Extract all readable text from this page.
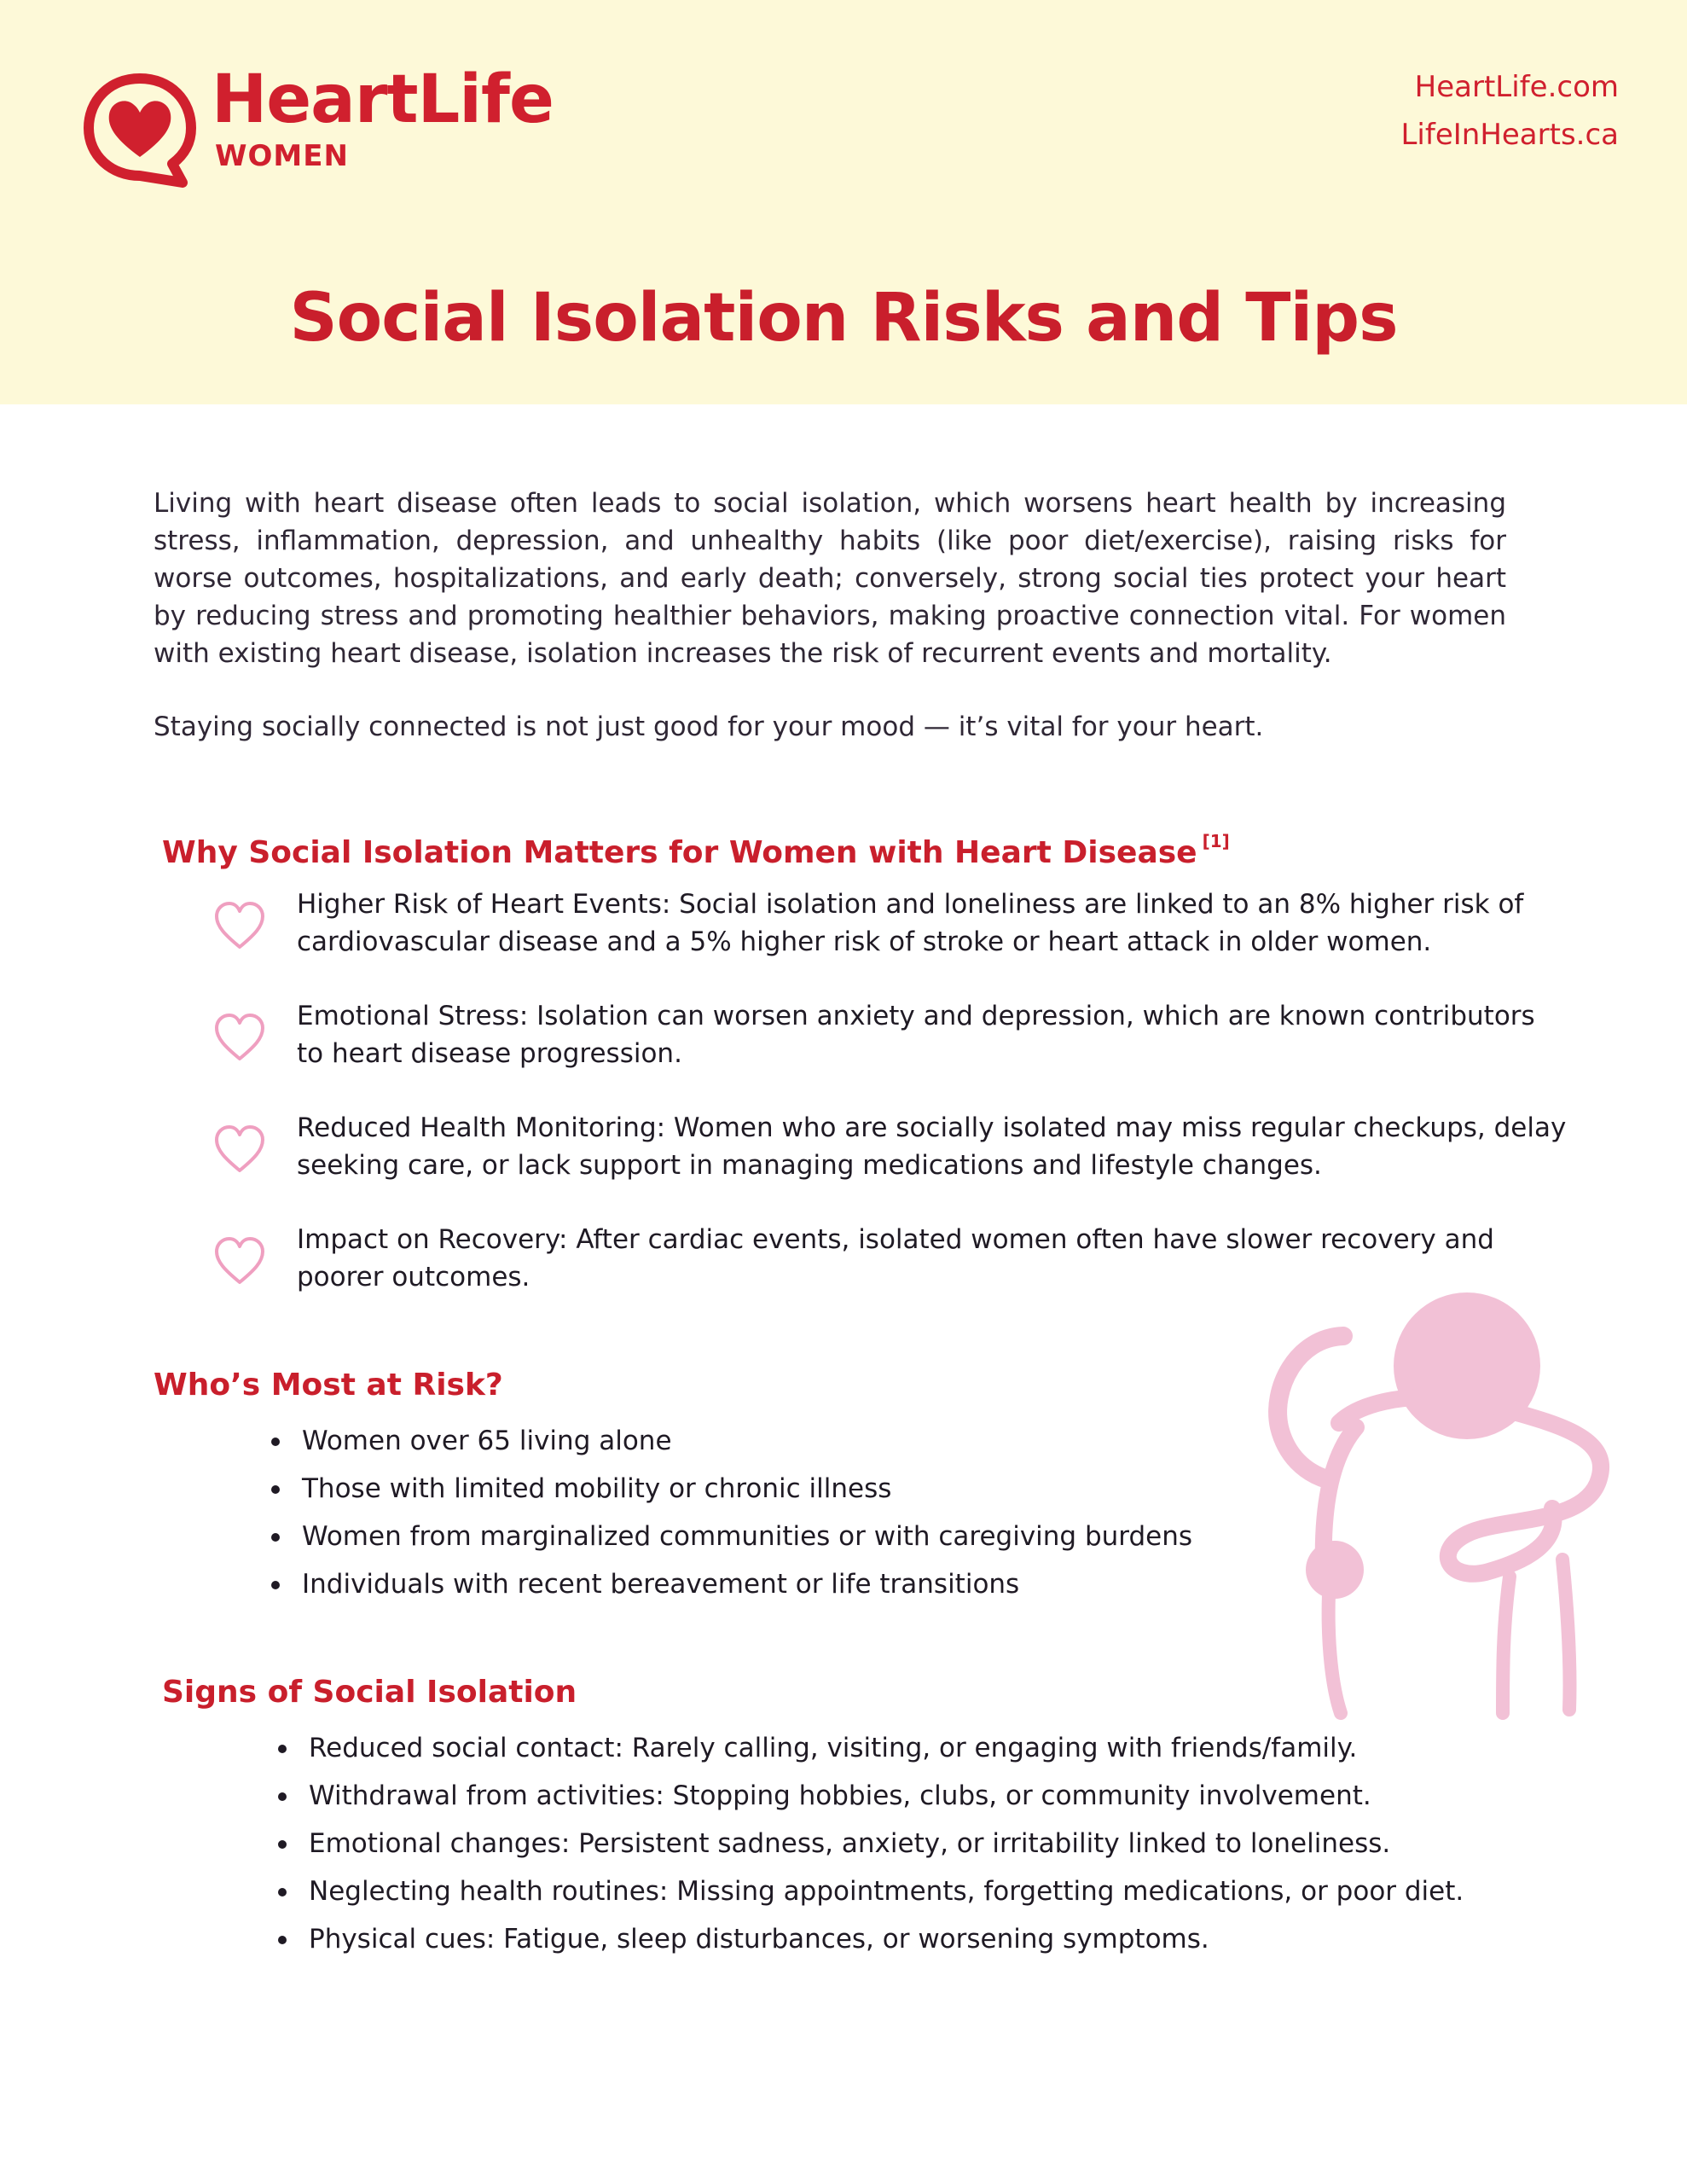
HeartLife
WOMEN
HeartLife.com
LifeInHearts.ca
Social Isolation Risks and Tips

Living with heart disease often leads to social isolation, which worsens heart health by increasing stress, inflammation, depression, and unhealthy habits (like poor diet/exercise), raising risks for worse outcomes, hospitalizations, and early death; conversely, strong social ties protect your heart by reducing stress and promoting healthier behaviors, making proactive connection vital. For women with existing heart disease, isolation increases the risk of recurrent events and mortality.

Staying socially connected is not just good for your mood — it’s vital for your heart.

Why Social Isolation Matters for Women with Heart Disease [1]
Higher Risk of Heart Events: Social isolation and loneliness are linked to an 8% higher risk of cardiovascular disease and a 5% higher risk of stroke or heart attack in older women.
Emotional Stress: Isolation can worsen anxiety and depression, which are known contributors to heart disease progression.
Reduced Health Monitoring: Women who are socially isolated may miss regular checkups, delay seeking care, or lack support in managing medications and lifestyle changes.
Impact on Recovery: After cardiac events, isolated women often have slower recovery and poorer outcomes.
Who’s Most at Risk?
Women over 65 living alone
Those with limited mobility or chronic illness
Women from marginalized communities or with caregiving burdens
Individuals with recent bereavement or life transitions
Signs of Social Isolation
Reduced social contact: Rarely calling, visiting, or engaging with friends/family.
Withdrawal from activities: Stopping hobbies, clubs, or community involvement.
Emotional changes: Persistent sadness, anxiety, or irritability linked to loneliness.
Neglecting health routines: Missing appointments, forgetting medications, or poor diet.
Physical cues: Fatigue, sleep disturbances, or worsening symptoms.
